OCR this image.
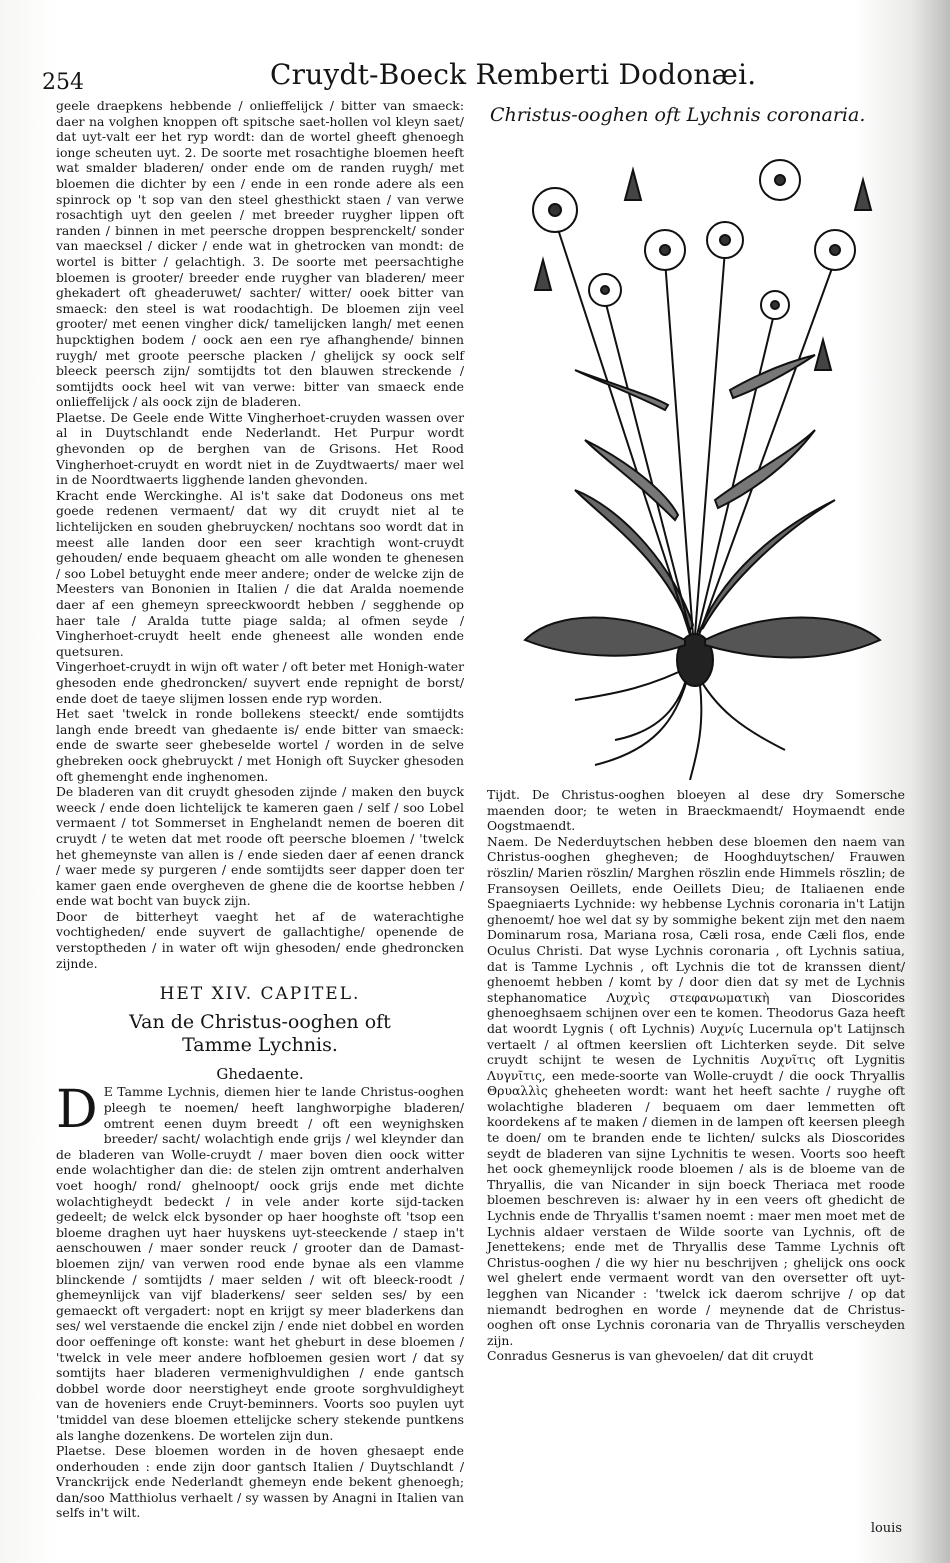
254	Cruydt-Boeck Remberti Dodonæi.

geele draepkens hebbende / onlieffelijck / bitter van smaeck: daer na volghen knoppen oft spitsche saet-hollen vol kleyn saet/ dat uyt-valt eer het ryp wordt: dan de wortel gheeft ghenoegh ionge scheuten uyt. 2. De soorte met rosachtighe bloemen heeft wat smalder bladeren/ onder ende om de randen ruygh/ met bloemen die dichter by een / ende in een ronde adere als een spinrock op 't sop van den steel ghesthickt staen / van verwe rosachtigh uyt den geelen / met breeder ruygher lippen oft randen / binnen in met peersche droppen besprenckelt/ sonder van maecksel / dicker / ende wat in ghetrocken van mondt: de wortel is bitter / gelachtigh. 3. De soorte met peersachtighe bloemen is grooter/ breeder ende ruygher van bladeren/ meer ghekadert oft gheaderuwet/ sachter/ witter/ ooek bitter van smaeck: den steel is wat roodachtigh. De bloemen zijn veel grooter/ met eenen vingher dick/ tamelijcken langh/ met eenen hupcktighen bodem / oock aen een rye afhanghende/ binnen ruygh/ met groote peersche placken / ghelijck sy oock self bleeck peersch zijn/ somtijdts tot den blauwen streckende / somtijdts oock heel wit van verwe: bitter van smaeck ende onlieffelijck / als oock zijn de bladeren.

Plaetse. De Geele ende Witte Vingherhoet-cruyden wassen over al in Duytschlandt ende Nederlandt. Het Purpur wordt ghevonden op de berghen van de Grisons. Het Rood Vingherhoet-cruydt en wordt niet in de Zuydtwaerts/ maer wel in de Noordtwaerts ligghende landen ghevonden.

Kracht ende Werckinghe. Al is't sake dat Dodoneus ons met goede redenen vermaent/ dat wy dit cruydt niet al te lichtelijcken en souden ghebruycken/ nochtans soo wordt dat in meest alle landen door een seer krachtigh wont-cruydt gehouden/ ende bequaem gheacht om alle wonden te ghenesen / soo Lobel betuyght ende meer andere; onder de welcke zijn de Meesters van Bononien in Italien / die dat Aralda noemende daer af een ghemeyn spreeckwoordt hebben / segghende op haer tale / Aralda tutte piage salda; al ofmen seyde / Vingherhoet-cruydt heelt ende gheneest alle wonden ende quetsuren.

Vingerhoet-cruydt in wijn oft water / oft beter met Honigh-water ghesoden ende ghedroncken/ suyvert ende repnight de borst/ ende doet de taeye slijmen lossen ende ryp worden.

Het saet 'twelck in ronde bollekens steeckt/ ende somtijdts langh ende breedt van ghedaente is/ ende bitter van smaeck: ende de swarte seer ghebeselde wortel / worden in de selve ghebreken oock ghebruyckt / met Honigh oft Suycker ghesoden oft ghemenght ende inghenomen.

De bladeren van dit cruydt ghesoden zijnde / maken den buyck weeck / ende doen lichtelijck te kameren gaen / self / soo Lobel vermaent / tot Sommerset in Enghelandt nemen de boeren dit cruydt / te weten dat met roode oft peersche bloemen / 'twelck het ghemeynste van allen is / ende sieden daer af eenen dranck / waer mede sy purgeren / ende somtijdts seer dapper doen ter kamer gaen ende overgheven de ghene die de koortse hebben / ende wat bocht van buyck zijn.

Door de bitterheyt vaeght het af de waterachtighe vochtigheden/ ende suyvert de gallachtighe/ openende de verstoptheden / in water oft wijn ghesoden/ ende ghedroncken zijnde.

HET XIV. CAPITEL.
Van de Christus-ooghen oft
Tamme Lychnis.
Ghedaente.

D E Tamme Lychnis, diemen hier te lande Christus-ooghen pleegh te noemen/ heeft langhworpighe bladeren/ omtrent eenen duym breedt / oft een weynighsken breeder/ sacht/ wolachtigh ende grijs / wel kleynder dan de bladeren van Wolle-cruydt / maer boven dien oock witter ende wolachtigher dan die: de stelen zijn omtrent anderhalven voet hoogh/ rond/ ghelnoopt/ oock grijs ende met dichte wolachtigheydt bedeckt / in vele ander korte sijd-tacken gedeelt; de welck elck bysonder op haer hooghste oft 'tsop een bloeme draghen uyt haer huyskens uyt-steeckende / staep in't aenschouwen / maer sonder reuck / grooter dan de Damast-bloemen zijn/ van verwen rood ende bynae als een vlamme blinckende / somtijdts / maer selden / wit oft bleeck-roodt / ghemeynlijck van vijf bladerkens/ seer selden ses/ by een gemaeckt oft vergadert: nopt en krijgt sy meer bladerkens dan ses/ wel verstaende die enckel zijn / ende niet dobbel en worden door oeffeninge oft konste: want het gheburt in dese bloemen / 'twelck in vele meer andere hofbloemen gesien wort / dat sy somtijts haer bladeren vermenighvuldighen / ende gantsch dobbel worde door neerstigheyt ende groote sorghvuldigheyt van de hoveniers ende Cruyt-beminners. Voorts soo puylen uyt 'tmiddel van dese bloemen ettelijcke schery stekende puntkens als langhe dozenkens. De wortelen zijn dun.

Plaetse. Dese bloemen worden in de hoven ghesaept ende onderhouden : ende zijn door gantsch Italien / Duytschlandt / Vranckrijck ende Nederlandt ghemeyn ende bekent ghenoegh; dan/soo Matthiolus verhaelt / sy wassen by Anagni in Italien van selfs in't wilt.

Christus-ooghen oft Lychnis coronaria.

Tijdt. De Christus-ooghen bloeyen al dese dry Somersche maenden door; te weten in Braeckmaendt/ Hoymaendt ende Oogstmaendt.

Naem. De Nederduytschen hebben dese bloemen den naem van Christus-ooghen ghegheven; de Hooghduytschen/ Frauwen röszlin/ Marien röszlin/ Marghen röszlin ende Himmels röszlin; de Fransoysen Oeillets, ende Oeillets Dieu; de Italiaenen ende Spaegniaerts Lychnide: wy hebbense Lychnis coronaria in't Latijn ghenoemt/ hoe wel dat sy by sommighe bekent zijn met den naem Dominarum rosa, Mariana rosa, Cæli rosa, ende Cæli flos, ende Oculus Christi. Dat wyse Lychnis coronaria , oft Lychnis satiua, dat is Tamme Lychnis , oft Lychnis die tot de kranssen dient/ ghenoemt hebben / komt by / door dien dat sy met de Lychnis stephanomatice Λυχνὶς στεφανωματικὴ van Dioscorides ghenoeghsaem schijnen over een te komen. Theodorus Gaza heeft dat woordt Lygnis ( oft Lychnis) Λυχνίς Lucernula op't Latijnsch vertaelt / al oftmen keerslien oft Lichterken seyde. Dit selve cruydt schijnt te wesen de Lychnitis Λυχνῖτις oft Lygnitis Λυγνῖτις, een mede-soorte van Wolle-cruydt / die oock Thryallis Θρυαλλὶς gheheeten wordt: want het heeft sachte / ruyghe oft wolachtighe bladeren / bequaem om daer lemmetten oft koordekens af te maken / diemen in de lampen oft keersen pleegh te doen/ om te branden ende te lichten/ sulcks als Dioscorides seydt de bladeren van sijne Lychnitis te wesen. Voorts soo heeft het oock ghemeynlijck roode bloemen / als is de bloeme van de Thryallis, die van Nicander in sijn boeck Theriaca met roode bloemen beschreven is: alwaer hy in een veers oft ghedicht de Lychnis ende de Thryallis t'samen noemt : maer men moet met de Lychnis aldaer verstaen de Wilde soorte van Lychnis, oft de Jenettekens; ende met de Thryallis dese Tamme Lychnis oft Christus-ooghen / die wy hier nu beschrijven ; ghelijck ons oock wel ghelert ende vermaent wordt van den oversetter oft uyt-legghen van Nicander : 'twelck ick daerom schrijve / op dat niemandt bedroghen en worde / meynende dat de Christus-ooghen oft onse Lychnis coronaria van de Thryallis verscheyden zijn.

Conradus Gesnerus is van ghevoelen/ dat dit cruydt

louis
